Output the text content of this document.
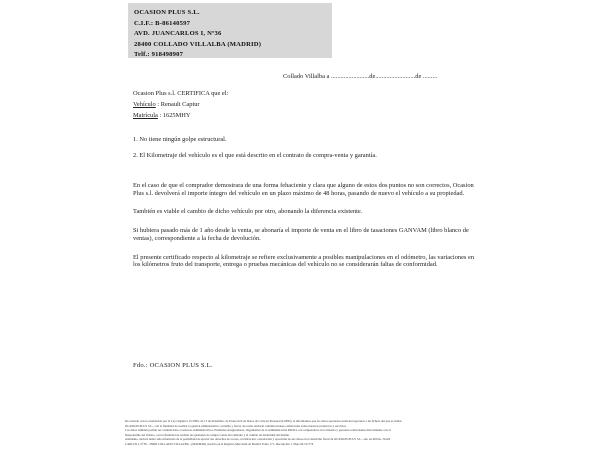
OCASION PLUS S.L.
C.I.F.: B-86140597
AVD. JUANCARLOS I, Nº36
28400 COLLADO VILLALBA (MADRID)
Telf.: 918498907
Collado Villalba a ........................de.........................de .........
Ocasion Plus s.l. CERTIFICA que el:
Vehículo : Renault Captur
Matrícula : 1625MHY
1. No tiene ningún golpe estructural.
2. El Kilometraje del vehículo es el que está descrito en el contrato de compra-venta y garantía.

En el caso de que el comprador demostrara de una forma fehaciente y clara que alguno de estos dos puntos no son correctos, Ocasion Plus s.l. devolverá el importe íntegro del vehículo en un plazo máximo de 48 horas, pasando de nuevo el vehículo a su propiedad.

También es viable el cambio de dicho vehículo por otro, abonando la diferencia existente.

Si hubiera pasado más de 1 año desde la venta, se abonaría el importe de venta en el libro de tasaciones GANVAM (libro blanco de ventas), correspondiente a la fecha de devolución.

El presente certificado respecto al kilometraje se refiere exclusivamente a posibles manipulaciones en el odómetro, las variaciones en los kilómetros fruto del transporte, entrega o pruebas mecánicas del vehículo no se considerarán faltas de conformidad.

Fdo.: OCASION PLUS S.L.
De acuerdo con lo establecido por la Ley Orgánica 15/1999, de 13 de diciembre, de Protección de Datos de Carácter Personal (LOPD), le informamos que los datos aportados serán incorporados a un fichero del que es titular
OCASION PLUS S.L., con la finalidad de realizar la gestión administrativa, contable y fiscal, así como enviarle comunicaciones comerciales sobre nuestros productos y servicios.
Los datos también podrán ser comunicados a Gestores Administrativos, Entidades Aseguradoras, Organismos de la Administración Pública con competencia en la materia y personas relacionadas directamente con el
Responsable del fichero, con la finalidad de realizar las gestiones de compra venta del vehículo y el cambio de titularidad del mismo.
Asimismo, declara haber sido informado de la posibilidad de ejercer sus derechos de acceso, rectificación, cancelación y oposición de sus datos en el domicilio fiscal de OCASION PLUS S.L., sito en AVDA. JUAN
CARLOS I, Nº36 - 28400 COLLADO VILLALBA - (MADRID), inscrita en el Registro Mercantil de Madrid Tomo 171, Inscripción 1, Hoja M-511774
